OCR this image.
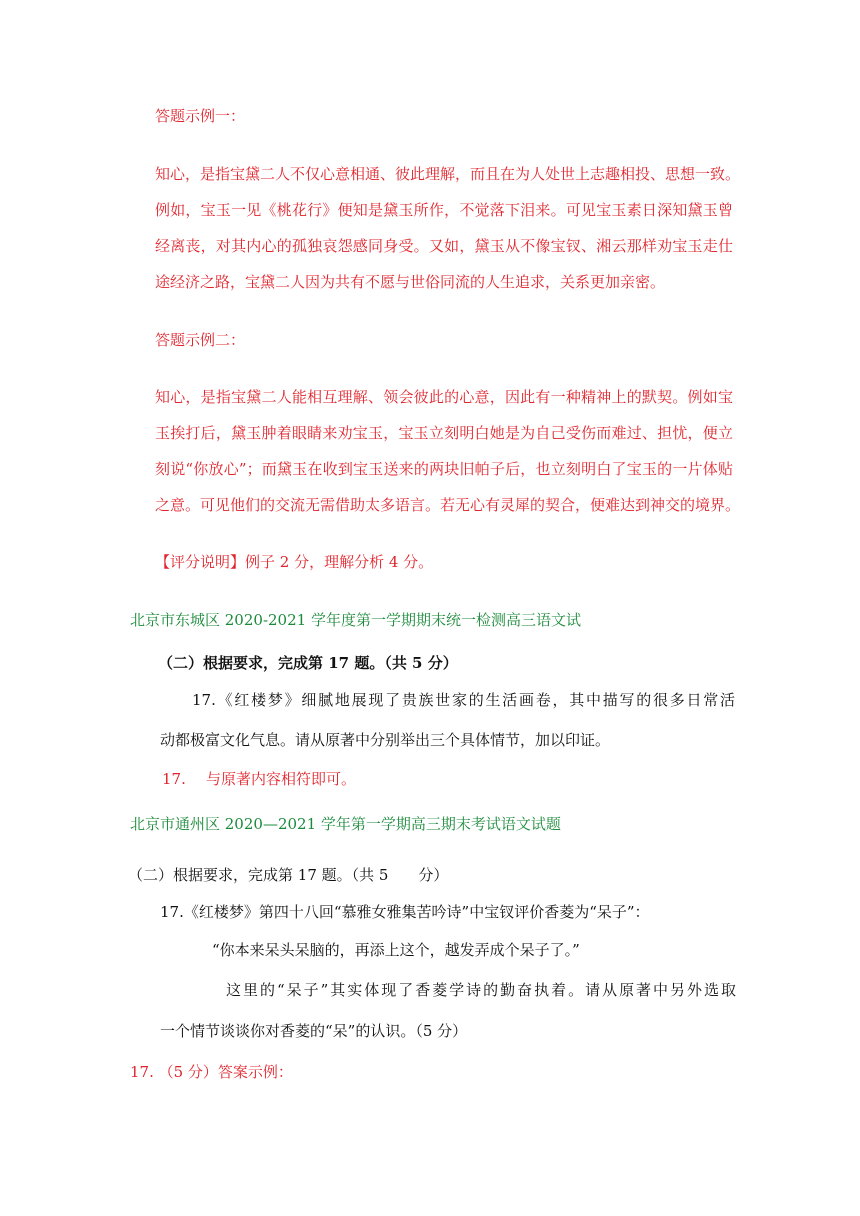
答题示例一：
知心，是指宝黛二人不仅心意相通、彼此理解，而且在为人处世上志趣相投、思想一致。
例如，宝玉一见《桃花行》便知是黛玉所作，不觉落下泪来。可见宝玉素日深知黛玉曾
经离丧，对其内心的孤独哀怨感同身受。又如，黛玉从不像宝钗、湘云那样劝宝玉走仕
途经济之路，宝黛二人因为共有不愿与世俗同流的人生追求，关系更加亲密。
答题示例二：
知心，是指宝黛二人能相互理解、领会彼此的心意，因此有一种精神上的默契。例如宝
玉挨打后，黛玉肿着眼睛来劝宝玉，宝玉立刻明白她是为自己受伤而难过、担忧，便立
刻说“你放心”；而黛玉在收到宝玉送来的两块旧帕子后，也立刻明白了宝玉的一片体贴
之意。可见他们的交流无需借助太多语言。若无心有灵犀的契合，便难达到神交的境界。
【评分说明】例子 2 分，理解分析 4 分。
北京市东城区 2020-2021 学年度第一学期期末统一检测高三语文试
（二）根据要求，完成第 17 题。（共 5 分）
17.《红楼梦》细腻地展现了贵族世家的生活画卷，其中描写的很多日常活
动都极富文化气息。请从原著中分别举出三个具体情节，加以印证。
17. 与原著内容相符即可。
北京市通州区 2020—2021 学年第一学期高三期末考试语文试题
（二）根据要求，完成第 17 题。（共 5　　分）
17.《红楼梦》第四十八回“慕雅女雅集苦吟诗”中宝钗评价香菱为“呆子”：
“你本来呆头呆脑的，再添上这个，越发弄成个呆子了。”
这里的“呆子”其实体现了香菱学诗的勤奋执着。请从原著中另外选取
一个情节谈谈你对香菱的“呆”的认识。（5 分）
17. （5 分）答案示例：
